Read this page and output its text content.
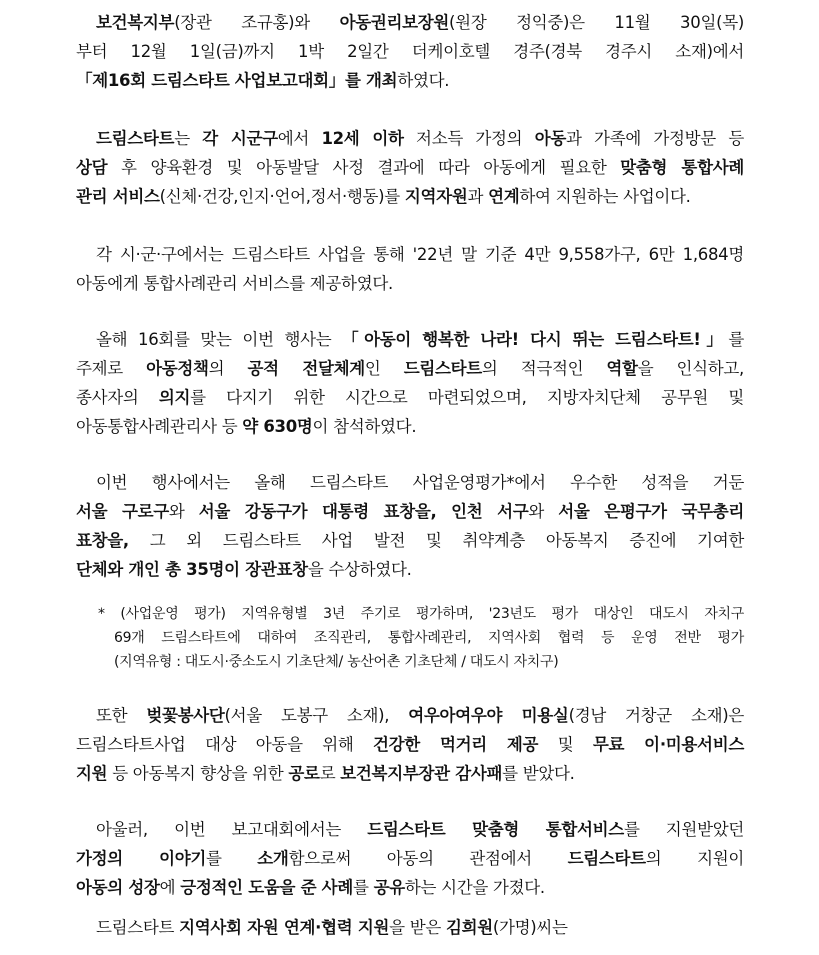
보건복지부(장관 조규홍)와 아동권리보장원(원장 정익중)은 11월 30일(목)
부터 12월 1일(금)까지 1박 2일간 더케이호텔 경주(경북 경주시 소재)에서
「제16회 드림스타트 사업보고대회」를 개최하였다.
드림스타트는 각 시군구에서 12세 이하 저소득 가정의 아동과 가족에 가정방문 등
상담 후 양육환경 및 아동발달 사정 결과에 따라 아동에게 필요한 맞춤형 통합사례
관리 서비스(신체·건강,인지·언어,정서·행동)를 지역자원과 연계하여 지원하는 사업이다.
각 시·군·구에서는 드림스타트 사업을 통해 '22년 말 기준 4만 9,558가구, 6만 1,684명
아동에게 통합사례관리 서비스를 제공하였다.
올해 16회를 맞는 이번 행사는 「아동이 행복한 나라! 다시 뛰는 드림스타트!」를
주제로 아동정책의 공적 전달체계인 드림스타트의 적극적인 역할을 인식하고,
종사자의 의지를 다지기 위한 시간으로 마련되었으며, 지방자치단체 공무원 및
아동통합사례관리사 등 약 630명이 참석하였다.
이번 행사에서는 올해 드림스타트 사업운영평가*에서 우수한 성적을 거둔
서울 구로구와 서울 강동구가 대통령 표창을, 인천 서구와 서울 은평구가 국무총리
표창을, 그 외 드림스타트 사업 발전 및 취약계층 아동복지 증진에 기여한
단체와 개인 총 35명이 장관표창을 수상하였다.
* (사업운영 평가) 지역유형별 3년 주기로 평가하며, '23년도 평가 대상인 대도시 자치구
69개 드림스타트에 대하여 조직관리, 통합사례관리, 지역사회 협력 등 운영 전반 평가
(지역유형 : 대도시·중소도시 기초단체/ 농산어촌 기초단체 / 대도시 자치구)
또한 벚꽃봉사단(서울 도봉구 소재), 여우아여우야 미용실(경남 거창군 소재)은
드림스타트사업 대상 아동을 위해 건강한 먹거리 제공 및 무료 이·미용서비스
지원 등 아동복지 향상을 위한 공로로 보건복지부장관 감사패를 받았다.
아울러, 이번 보고대회에서는 드림스타트 맞춤형 통합서비스를 지원받았던
가정의 이야기를 소개함으로써 아동의 관점에서 드림스타트의 지원이
아동의 성장에 긍정적인 도움을 준 사례를 공유하는 시간을 가졌다.
드림스타트 지역사회 자원 연계·협력 지원을 받은 김희원(가명)씨는
